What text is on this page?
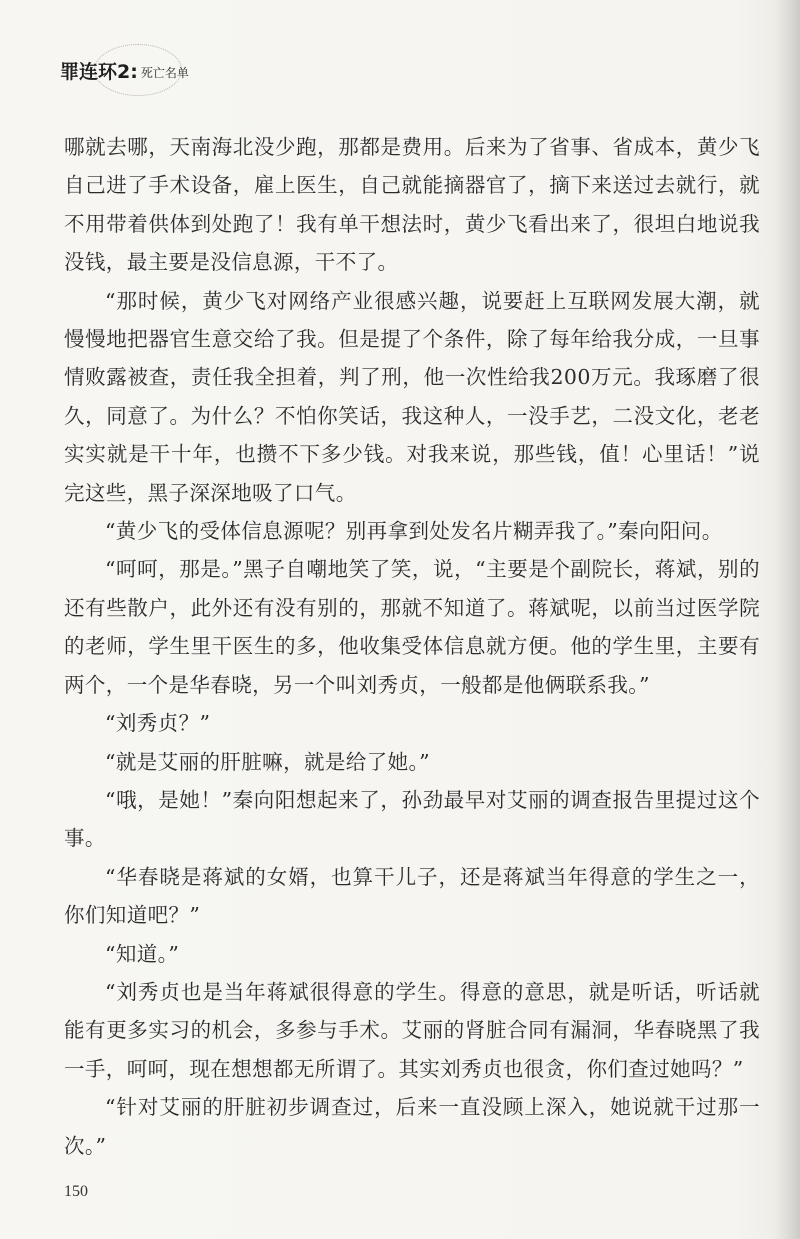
罪连环2: 死亡名单

哪就去哪，天南海北没少跑，那都是费用。后来为了省事、省成本，黄少飞自己进了手术设备，雇上医生，自己就能摘器官了，摘下来送过去就行，就不用带着供体到处跑了！我有单干想法时，黄少飞看出来了，很坦白地说我没钱，最主要是没信息源，干不了。

“那时候，黄少飞对网络产业很感兴趣，说要赶上互联网发展大潮，就慢慢地把器官生意交给了我。但是提了个条件，除了每年给我分成，一旦事情败露被查，责任我全担着，判了刑，他一次性给我200万元。我琢磨了很久，同意了。为什么？不怕你笑话，我这种人，一没手艺，二没文化，老老实实就是干十年，也攒不下多少钱。对我来说，那些钱，值！心里话！”说完这些，黑子深深地吸了口气。

“黄少飞的受体信息源呢？别再拿到处发名片糊弄我了。”秦向阳问。

“呵呵，那是。”黑子自嘲地笑了笑，说，“主要是个副院长，蒋斌，别的还有些散户，此外还有没有别的，那就不知道了。蒋斌呢，以前当过医学院的老师，学生里干医生的多，他收集受体信息就方便。他的学生里，主要有两个，一个是华春晓，另一个叫刘秀贞，一般都是他俩联系我。”

“刘秀贞？”

“就是艾丽的肝脏嘛，就是给了她。”

“哦，是她！”秦向阳想起来了，孙劲最早对艾丽的调查报告里提过这个事。

“华春晓是蒋斌的女婿，也算干儿子，还是蒋斌当年得意的学生之一，你们知道吧？”

“知道。”

“刘秀贞也是当年蒋斌很得意的学生。得意的意思，就是听话，听话就能有更多实习的机会，多参与手术。艾丽的肾脏合同有漏洞，华春晓黑了我一手，呵呵，现在想想都无所谓了。其实刘秀贞也很贪，你们查过她吗？”

“针对艾丽的肝脏初步调查过，后来一直没顾上深入，她说就干过那一次。”

150
